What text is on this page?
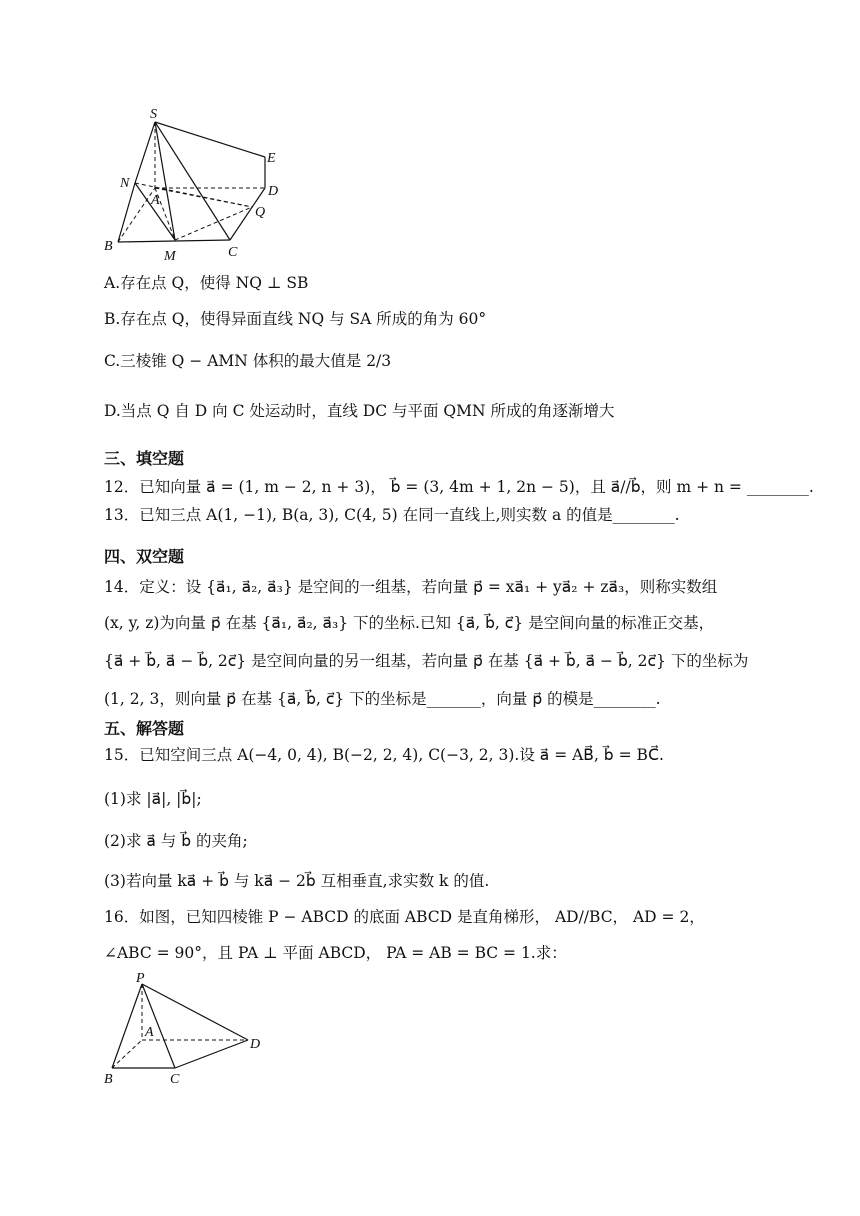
S
E
N
D
A
Q
B
M	C
A.存在点 Q，使得 NQ ⊥ SB
B.存在点 Q，使得异面直线 NQ 与 SA 所成的角为 60°
C.三棱锥 Q − AMN 体积的最大值是 2/3
D.当点 Q 自 D 向 C 处运动时，直线 DC 与平面 QMN 所成的角逐渐增大
三、填空题
12．已知向量 a⃗ = (1, m − 2, n + 3)， b⃗ = (3, 4m + 1, 2n − 5)，且 a⃗//b⃗，则 m + n = ________.
13．已知三点 A(1, −1), B(a, 3), C(4, 5) 在同一直线上,则实数 a 的值是________.
四、双空题
14．定义：设 {a⃗₁, a⃗₂, a⃗₃} 是空间的一组基，若向量 p⃗ = xa⃗₁ + ya⃗₂ + za⃗₃，则称实数组
(x, y, z)为向量 p⃗ 在基 {a⃗₁, a⃗₂, a⃗₃} 下的坐标.已知 {a⃗, b⃗, c⃗} 是空间向量的标准正交基，
{a⃗ + b⃗, a⃗ − b⃗, 2c⃗} 是空间向量的另一组基，若向量 p⃗ 在基 {a⃗ + b⃗, a⃗ − b⃗, 2c⃗} 下的坐标为
(1, 2, 3，则向量 p⃗ 在基 {a⃗, b⃗, c⃗} 下的坐标是_______，向量 p⃗ 的模是________.
五、解答题
15．已知空间三点 A(−4, 0, 4), B(−2, 2, 4), C(−3, 2, 3).设 a⃗ = AB⃗, b⃗ = BC⃗.
(1)求 |a⃗|, |b⃗|;
(2)求 a⃗ 与 b⃗ 的夹角;
(3)若向量 ka⃗ + b⃗ 与 ka⃗ − 2b⃗ 互相垂直,求实数 k 的值.
16．如图，已知四棱锥 P − ABCD 的底面 ABCD 是直角梯形， AD//BC， AD = 2，
∠ABC = 90°，且 PA ⊥ 平面 ABCD， PA = AB = BC = 1.求：
P
A
D
B	C
